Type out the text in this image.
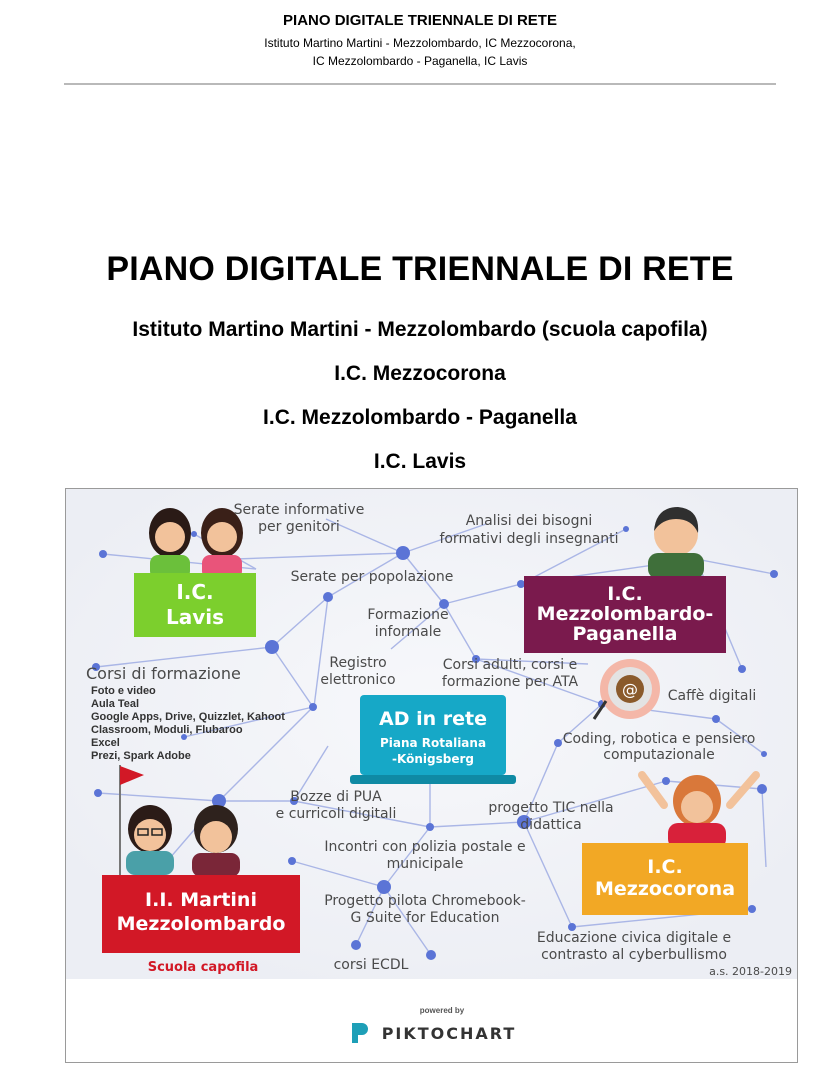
PIANO DIGITALE TRIENNALE DI RETE
Istituto Martino Martini - Mezzolombardo, IC Mezzocorona,
IC Mezzolombardo - Paganella, IC Lavis
PIANO DIGITALE TRIENNALE DI RETE
Istituto Martino Martini - Mezzolombardo (scuola capofila)
I.C. Mezzocorona
I.C. Mezzolombardo - Paganella
I.C. Lavis
I.C.
Lavis
I.C.
Mezzolombardo-
Paganella
@
AD in rete
Piana Rotaliana
-Königsberg
I.C.
Mezzocorona
I.I. Martini
Mezzolombardo
Scuola capofila
Serate informative
per genitori	Analisi dei bisogni
formativi degli insegnanti
Serate per popolazione
Formazione
informale
Corsi di formazione
Registro
elettronico
Corsi adulti, corsi e
formazione per ATA
Caffè digitali
Coding, robotica e pensiero
computazionale
Bozze di PUA
e curricoli digitali	progetto TIC nella
didattica
Incontri con polizia postale e
municipale
Progetto pilota Chromebook-
G Suite for Education
Educazione civica digitale e
contrasto al cyberbullismo
corsi ECDL	a.s. 2018-2019
Foto e video
Aula Teal
Google Apps, Drive, Quizzlet, Kahoot
Classroom, Moduli, Flubaroo
Excel
Prezi, Spark Adobe
powered by
PIKTOCHART
